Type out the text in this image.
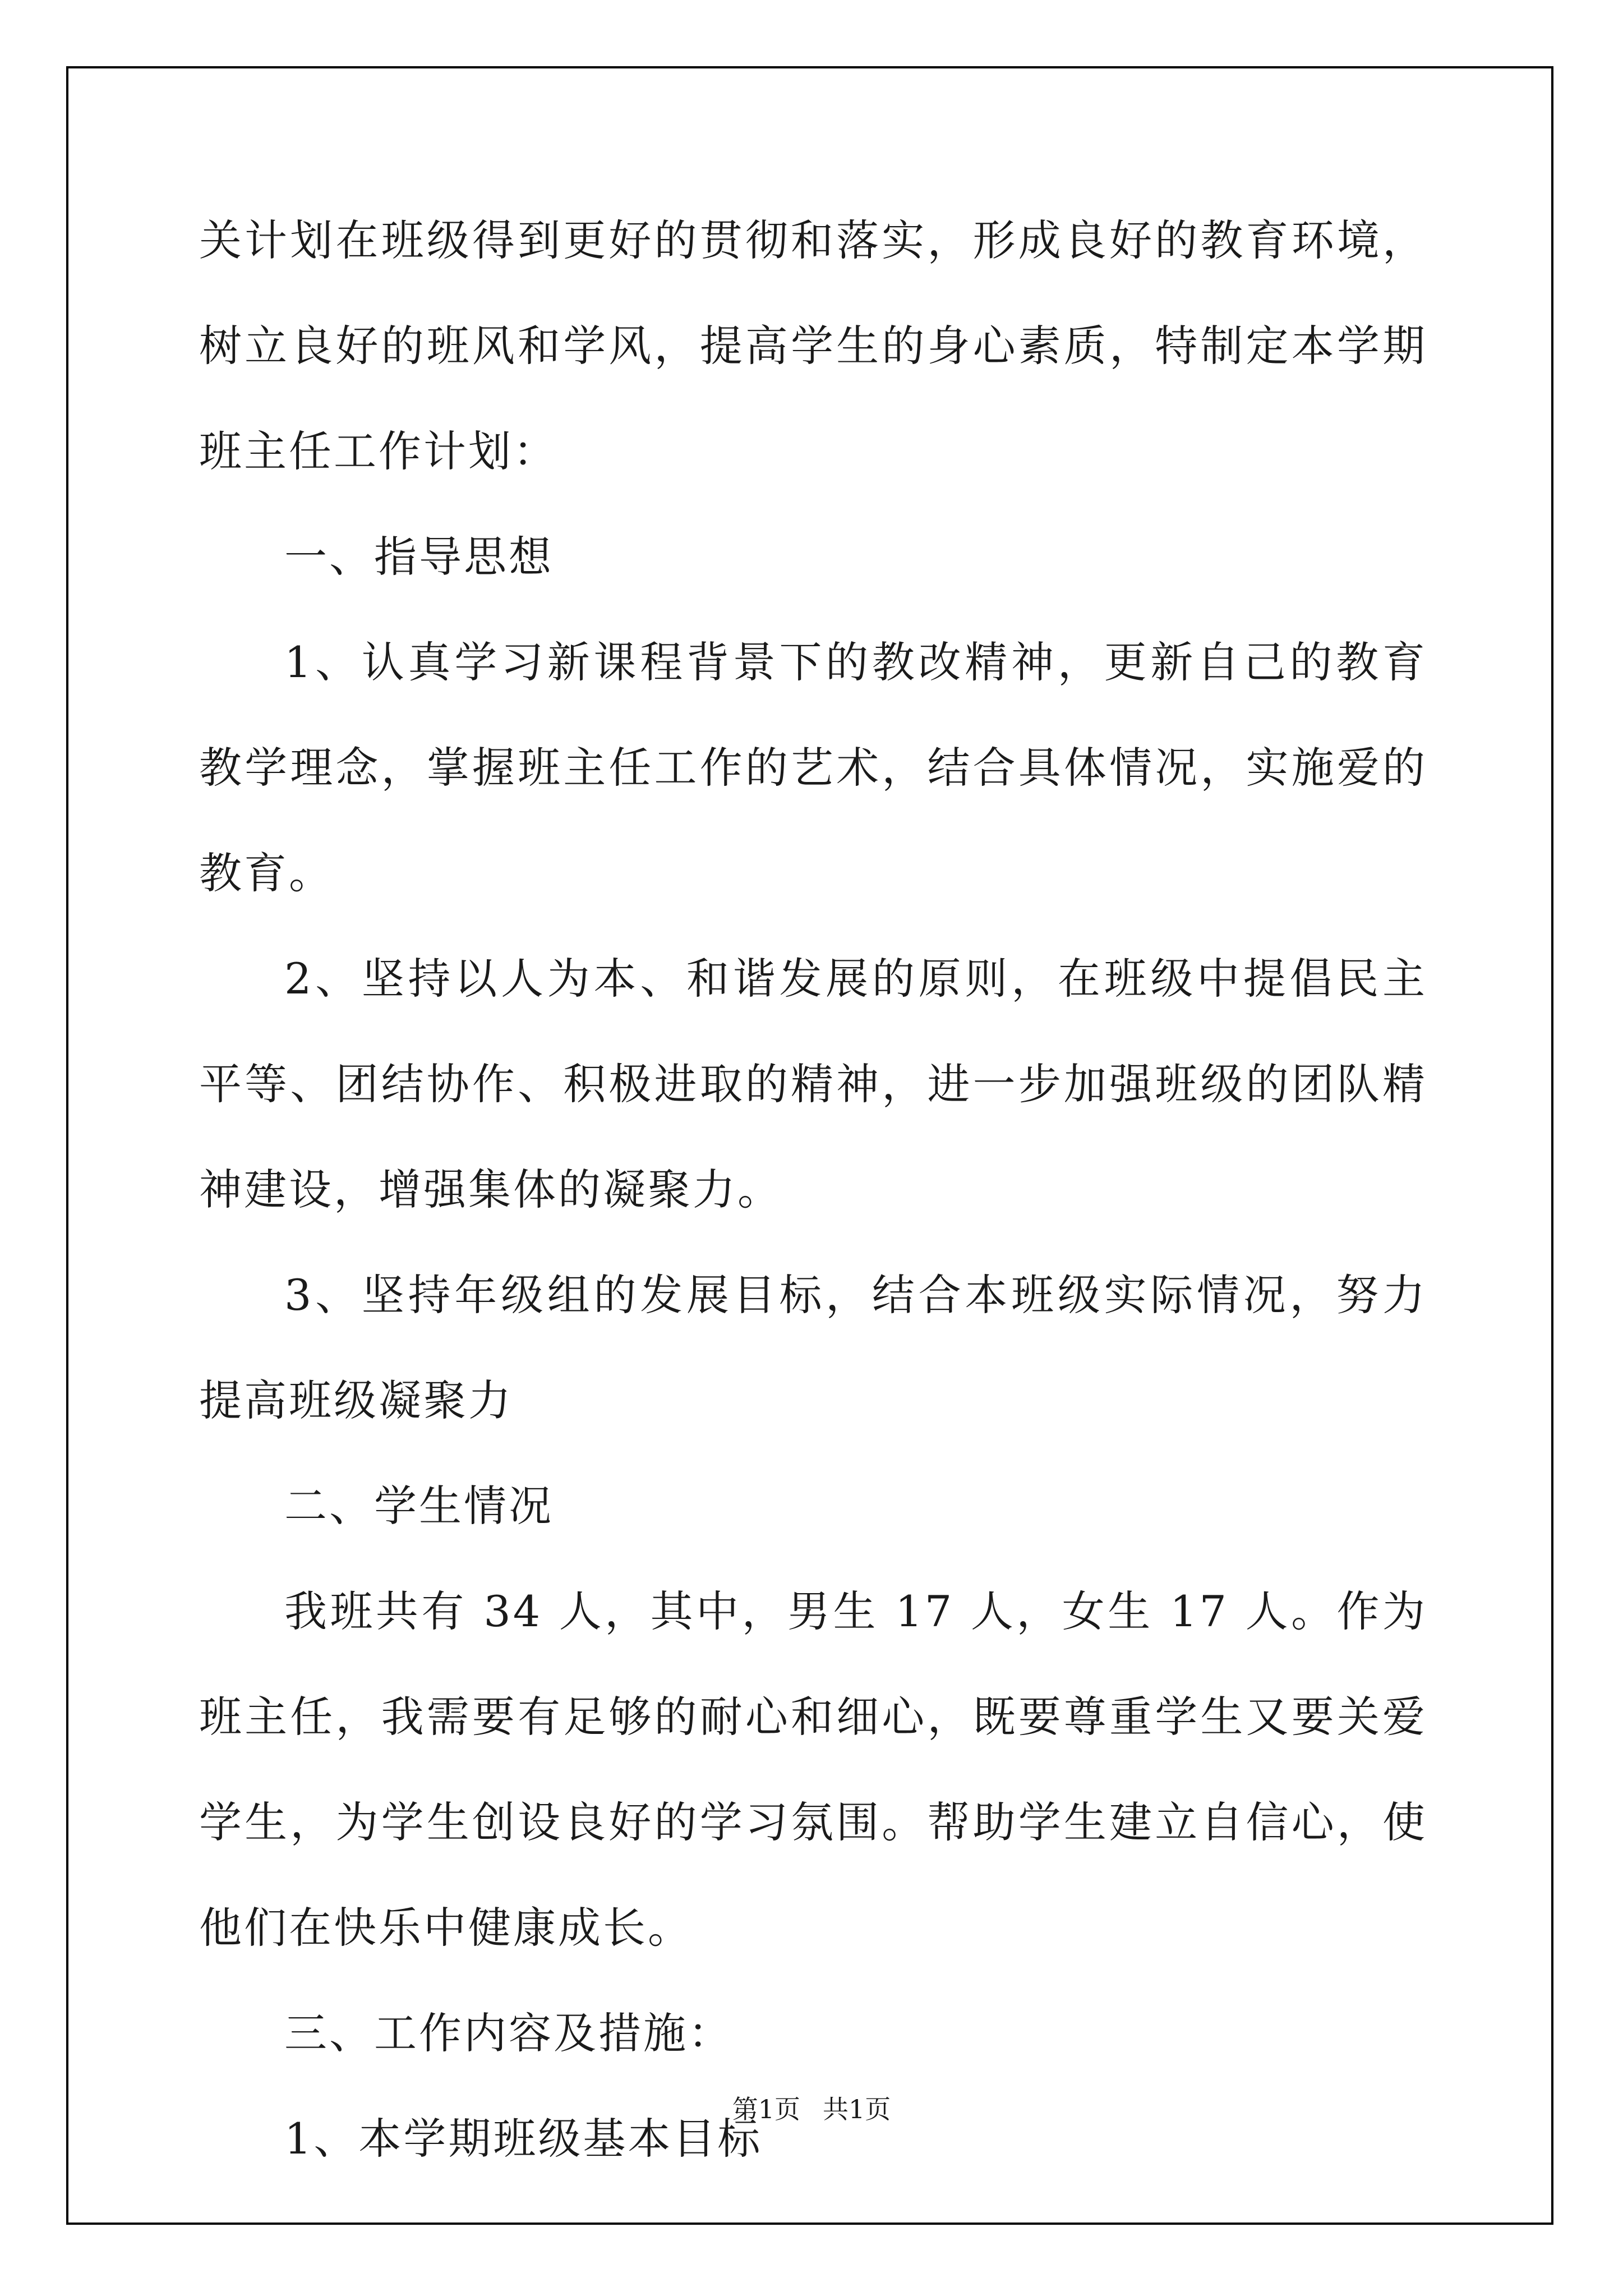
关计划在班级得到更好的贯彻和落实，形成良好的教育环境，树立良好的班风和学风，提高学生的身心素质，特制定本学期班主任工作计划：

一、指导思想

1、认真学习新课程背景下的教改精神，更新自己的教育教学理念，掌握班主任工作的艺术，结合具体情况，实施爱的教育。

2、坚持以人为本、和谐发展的原则，在班级中提倡民主平等、团结协作、积极进取的精神，进一步加强班级的团队精神建设，增强集体的凝聚力。

3、坚持年级组的发展目标，结合本班级实际情况，努力提高班级凝聚力

二、学生情况

我班共有 34 人，其中，男生 17 人，女生 17 人。作为班主任，我需要有足够的耐心和细心，既要尊重学生又要关爱学生，为学生创设良好的学习氛围。帮助学生建立自信心，使他们在快乐中健康成长。

三、工作内容及措施：

1、本学期班级基本目标

第1页 共1页
